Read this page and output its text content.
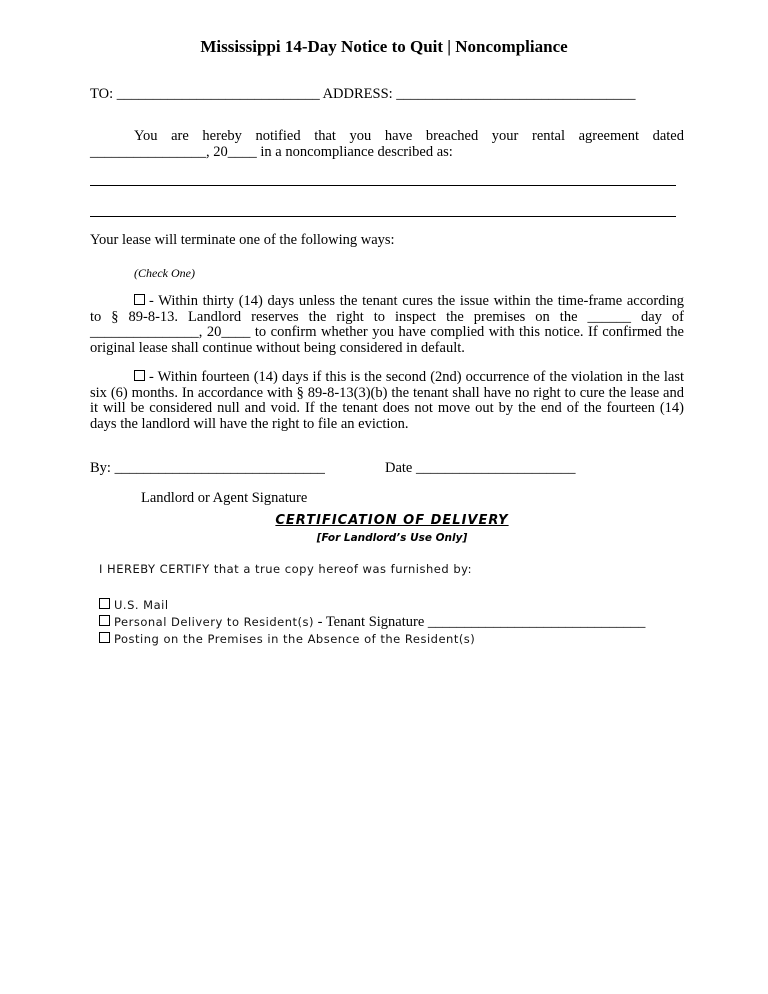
Mississippi 14-Day Notice to Quit | Noncompliance
TO: ____________________________ ADDRESS: _________________________________
You are hereby notified that you have breached your rental agreement dated ________________, 20____ in a noncompliance described as:
Your lease will terminate one of the following ways:
(Check One)
- Within thirty (14) days unless the tenant cures the issue within the time-frame according to § 89-8-13. Landlord reserves the right to inspect the premises on the ______ day of _______________, 20____ to confirm whether you have complied with this notice. If confirmed the original lease shall continue without being considered in default.
- Within fourteen (14) days if this is the second (2nd) occurrence of the violation in the last six (6) months. In accordance with § 89-8-13(3)(b) the tenant shall have no right to cure the lease and it will be considered null and void. If the tenant does not move out by the end of the fourteen (14) days the landlord will have the right to file an eviction.
By: _____________________________	Date ______________________
Landlord or Agent Signature
CERTIFICATION OF DELIVERY
[For Landlord’s Use Only]
I HEREBY CERTIFY that a true copy hereof was furnished by:
U.S. Mail
Personal Delivery to Resident(s) - Tenant Signature ______________________________
Posting on the Premises in the Absence of the Resident(s)
